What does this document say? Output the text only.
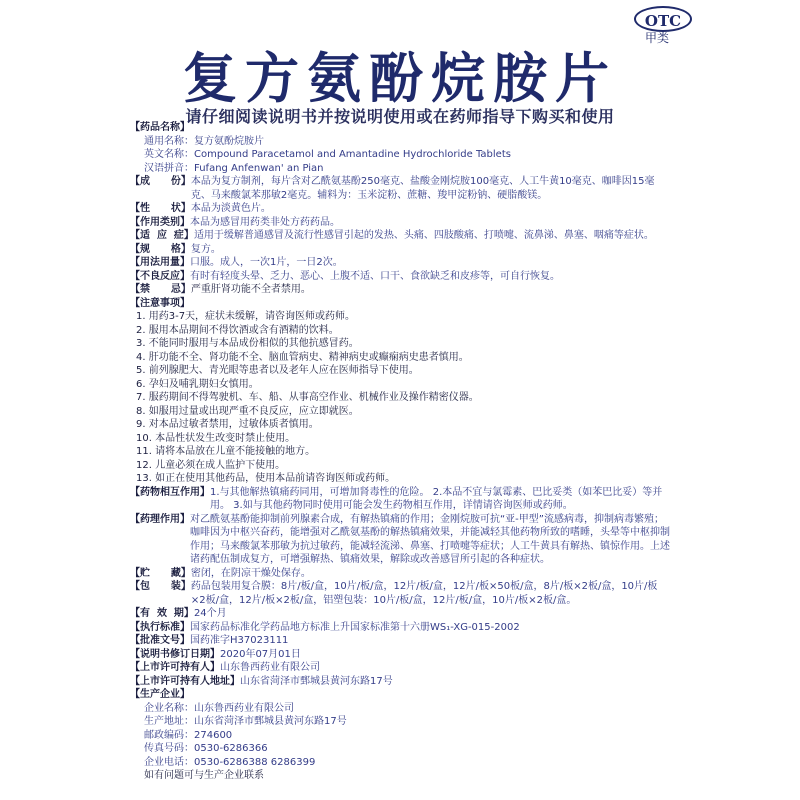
OTC
甲类
复方氨酚烷胺片
请仔细阅读说明书并按说明使用或在药师指导下购买和使用
【药品名称】
通用名称： 复方氨酚烷胺片
英文名称： Compound Paracetamol and Amantadine Hydrochloride Tablets
汉语拼音： Fufang Anfenwan' an Pian
【成      份】 本品为复方制剂，每片含对乙酰氨基酚250毫克、盐酸金刚烷胺100毫克、人工牛黄10毫克、咖啡因15毫克、马来酸氯苯那敏2毫克。辅料为：玉米淀粉、蔗糖、羧甲淀粉钠、硬脂酸镁。
【性      状】 本品为淡黄色片。
【作用类别】 本品为感冒用药类非处方药药品。
【适  应  症】 适用于缓解普通感冒及流行性感冒引起的发热、头痛、四肢酸痛、打喷嚏、流鼻涕、鼻塞、咽痛等症状。
【规      格】 复方。
【用法用量】 口服。成人，一次1片，一日2次。
【不良反应】 有时有轻度头晕、乏力、恶心、上腹不适、口干、食欲缺乏和皮疹等，可自行恢复。
【禁      忌】 严重肝肾功能不全者禁用。
【注意事项】
1. 用药3-7天，症状未缓解，请咨询医师或药师。
2. 服用本品期间不得饮酒或含有酒精的饮料。
3. 不能同时服用与本品成份相似的其他抗感冒药。
4. 肝功能不全、肾功能不全、脑血管病史、精神病史或癫痫病史患者慎用。
5. 前列腺肥大、青光眼等患者以及老年人应在医师指导下使用。
6. 孕妇及哺乳期妇女慎用。
7. 服药期间不得驾驶机、车、船、从事高空作业、机械作业及操作精密仪器。
8. 如服用过量或出现严重不良反应，应立即就医。
9. 对本品过敏者禁用，过敏体质者慎用。
10. 本品性状发生改变时禁止使用。
11. 请将本品放在儿童不能接触的地方。
12. 儿童必须在成人监护下使用。
13. 如正在使用其他药品，使用本品前请咨询医师或药师。
【药物相互作用】 1.与其他解热镇痛药同用，可增加肾毒性的危险。 2.本品不宜与氯霉素、巴比妥类（如苯巴比妥）等并用。 3.如与其他药物同时使用可能会发生药物相互作用，详情请咨询医师或药师。
【药理作用】 对乙酰氨基酚能抑制前列腺素合成，有解热镇痛的作用；金刚烷胺可抗“亚-甲型”流感病毒，抑制病毒繁殖；咖啡因为中枢兴奋药，能增强对乙酰氨基酚的解热镇痛效果，并能减轻其他药物所致的嗜睡，头晕等中枢抑制作用；马来酸氯苯那敏为抗过敏药，能减轻流涕、鼻塞、打喷嚏等症状；人工牛黄具有解热、镇惊作用。上述诸药配伍制成复方，可增强解热、镇痛效果，解除或改善感冒所引起的各种症状。
【贮      藏】 密闭，在阴凉干燥处保存。
【包      装】 药品包装用复合膜：8片/板/盒，10片/板/盒，12片/板/盒，12片/板×50板/盒，8片/板×2板/盒，10片/板×2板/盒，12片/板×2板/盒，铝塑包装：10片/板/盒，12片/板/盒，10片/板×2板/盒。
【有  效  期】 24个月
【执行标准】 国家药品标准化学药品地方标准上升国家标准第十六册WS₁-XG-015-2002
【批准文号】 国药准字H37023111
【说明书修订日期】 2020年07月01日
【上市许可持有人】 山东鲁西药业有限公司
【上市许可持有人地址】 山东省菏泽市鄄城县黄河东路17号
【生产企业】
企业名称： 山东鲁西药业有限公司
生产地址： 山东省菏泽市鄄城县黄河东路17号
邮政编码： 274600
传真号码： 0530-6286366
企业电话： 0530-6286388 6286399
如有问题可与生产企业联系
